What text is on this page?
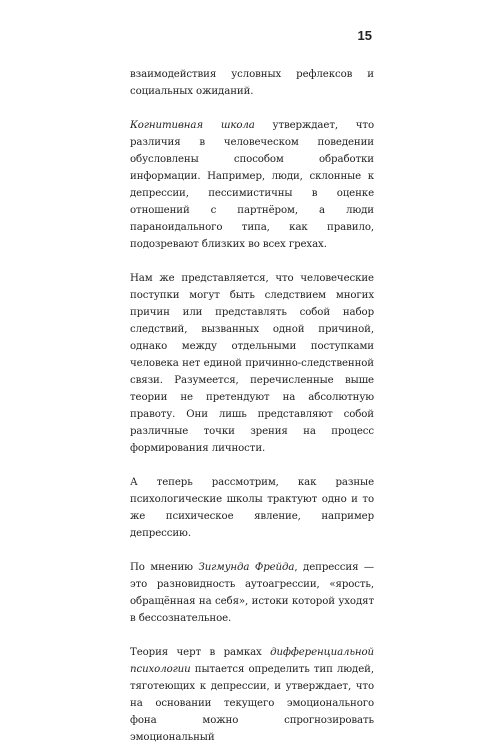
15

взаимодействия условных рефлексов и социальных ожиданий.

Когнитивная школа утверждает, что различия в человеческом поведении обусловлены способом обработки информации. Например, люди, склонные к депрессии, пессимистичны в оценке отношений с партнёром, а люди параноидального типа, как правило, подозревают близких во всех грехах.

Нам же представляется, что человеческие поступки могут быть следствием многих причин или представлять собой набор следствий, вызванных одной причиной, однако между отдельными поступками человека нет единой причинно-следственной связи. Разумеется, перечисленные выше теории не претендуют на абсолютную правоту. Они лишь представляют собой различные точки зрения на процесс формирования личности.

А теперь рассмотрим, как разные психологические школы трактуют одно и то же психическое явление, например депрессию.

По мнению Зигмунда Фрейда, депрессия — это разновидность аутоагрессии, «ярость, обращённая на себя», истоки которой уходят в бессознательное.

Теория черт в рамках дифференциальной психологии пытается определить тип людей, тяготеющих к депрессии, и утверждает, что на основании текущего эмоционального фона можно спрогнозировать эмоциональный
